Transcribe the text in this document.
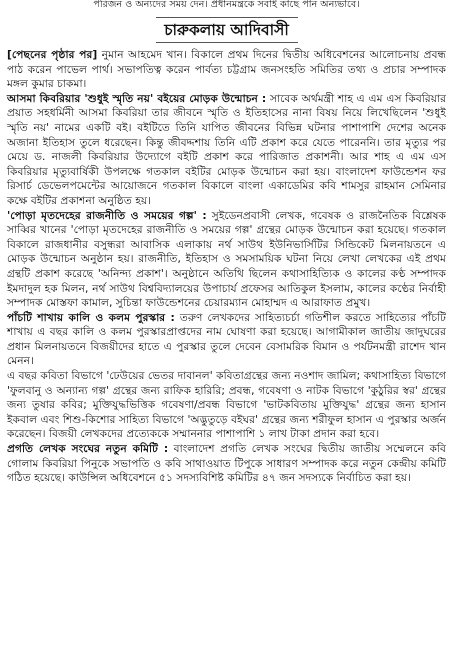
পরিজন ও অন্যদের সময় দেন। প্রধানমন্ত্রকে সবাই কাছে পান অন্যভাবে।
চারুকলায় আদিবাসী

[পেছনের পৃষ্ঠার পর] নুমান আহমেদ খান। বিকালে প্রথম দিনের দ্বিতীয় অধিবেশনের আলোচনায় প্রবন্ধ পাঠ করেন পাভেল পার্থ। সভাপতিত্ব করেন পার্বত্য চট্টগ্রাম জনসংহতি সমিতির তথ্য ও প্রচার সম্পাদক মঙ্গল কুমার চাকমা।

আসমা কিবরিয়ার 'শুধুই স্মৃতি নয়' বইয়ের মোড়ক উন্মোচন : সাবেক অর্থমন্ত্রী শাহ এ এম এস কিবরিয়ার প্রয়াত সহধর্মিনী আসমা কিবরিয়া তার জীবনে স্মৃতি ও ইতিহাসের নানা বিষয় নিয়ে লিখেছিলেন 'শুধুই স্মৃতি নয়' নামের একটি বই। বইটিতে তিনি যাপিত জীবনের বিভিন্ন ঘটনার পাশাপাশি দেশের অনেক অজানা ইতিহাস তুলে ধরেছেন। কিন্তু জীবদ্দশায় তিনি এটি প্রকাশ করে যেতে পারেননি। তার মৃত্যুর পর মেয়ে ড. নাজলী কিবরিয়ার উদ্যোগে বইটি প্রকাশ করে পারিজাত প্রকাশনী। আর শাহ এ এম এস কিবরিয়ার মৃত্যুবার্ষিকী উপলক্ষে গতকাল বইটির মোড়ক উন্মোচন করা হয়। বাংলাদেশ ফাউন্ডেশন ফর রিসার্চ ডেভেলপমেন্টের আয়োজনে গতকাল বিকালে বাংলা একাডেমির কবি শামসুর রাহমান সেমিনার কক্ষে বইটির প্রকাশনা অনুষ্ঠিত হয়।

'পোড়া মৃতদেহের রাজনীতি ও সময়ের গল্প' : সুইডেনপ্রবাসী লেখক, গবেষক ও রাজনৈতিক বিশ্লেষক সাব্বির খানের 'পোড়া মৃতদেহের রাজনীতি ও সময়ের গল্প' গ্রন্থের মোড়ক উন্মোচন করা হয়েছে। গতকাল বিকালে রাজধানীর বসুন্ধরা আবাসিক এলাকায় নর্থ সাউথ ইউনিভার্সিটির সিন্ডিকেট মিলনায়তনে এ মোড়ক উন্মোচন অনুষ্ঠান হয়। রাজনীতি, ইতিহাস ও সমসাময়িক ঘটনা নিয়ে লেখা লেখকের এই প্রথম গ্রন্থটি প্রকাশ করেছে 'অনিন্দ্য প্রকাশ'। অনুষ্ঠানে অতিথি ছিলেন কথাসাহিত্যিক ও কালের কণ্ঠ সম্পাদক ইমদাদুল হক মিলন, নর্থ সাউথ বিশ্ববিদ্যালয়ের উপাচার্য প্রফেসর আতিকুল ইসলাম, কালের কণ্ঠের নির্বাহী সম্পাদক মোস্তফা কামাল, সুচিন্তা ফাউন্ডেশনের চেয়ারম্যান মোহাম্মদ এ আরাফাত প্রমুখ।

পাঁচটি শাখায় কালি ও কলম পুরস্কার : তরুণ লেখকদের সাহিত্যচর্চা গতিশীল করতে সাহিত্যের পাঁচটি শাখায় এ বছর কালি ও কলম পুরস্কারপ্রাপ্তদের নাম ঘোষণা করা হয়েছে। আগামীকাল জাতীয় জাদুঘরের প্রধান মিলনায়তনে বিজয়ীদের হাতে এ পুরস্কার তুলে দেবেন বেসামরিক বিমান ও পর্যটনমন্ত্রী রাশেদ খান মেনন।

এ বছর কবিতা বিভাগে 'ঢেউয়ের ভেতর দাবানল' কবিতাগ্রন্থের জন্য নওশাদ জামিল; কথাসাহিত্য বিভাগে 'ফুলবানু ও অন্যান্য গল্প' গ্রন্থের জন্য রাফিক হারিরি; প্রবন্ধ, গবেষণা ও নাটক বিভাগে 'কুঠুরির স্বর' গ্রন্থের জন্য তুষার কবির; মুক্তিযুদ্ধভিত্তিক গবেষণা/প্রবন্ধ বিভাগে 'ভাটকবিতায় মুক্তিযুদ্ধ' গ্রন্থের জন্য হাসান ইকবাল এবং শিশু-কিশোর সাহিত্য বিভাগে 'অদ্ভুতুড়ে বইঘর' গ্রন্থের জন্য শরীফুল হাসান এ পুরস্কার অর্জন করেছেন। বিজয়ী লেখকদের প্রত্যেককে সম্মাননার পাশাপাশি ১ লাখ টাকা প্রদান করা হবে।

প্রগতি লেখক সংঘের নতুন কমিটি : বাংলাদেশ প্রগতি লেখক সংঘের দ্বিতীয় জাতীয় সম্মেলনে কবি গোলাম কিবরিয়া পিনুকে সভাপতি ও কবি সাথাওয়াত টিপুকে সাধারণ সম্পাদক করে নতুন কেন্দ্রীয় কমিটি গঠিত হয়েছে। কাউন্সিল অধিবেশনে ৫১ সদস্যবিশিষ্ট কমিটির ৪৭ জন সদস্যকে নির্বাচিত করা হয়।
